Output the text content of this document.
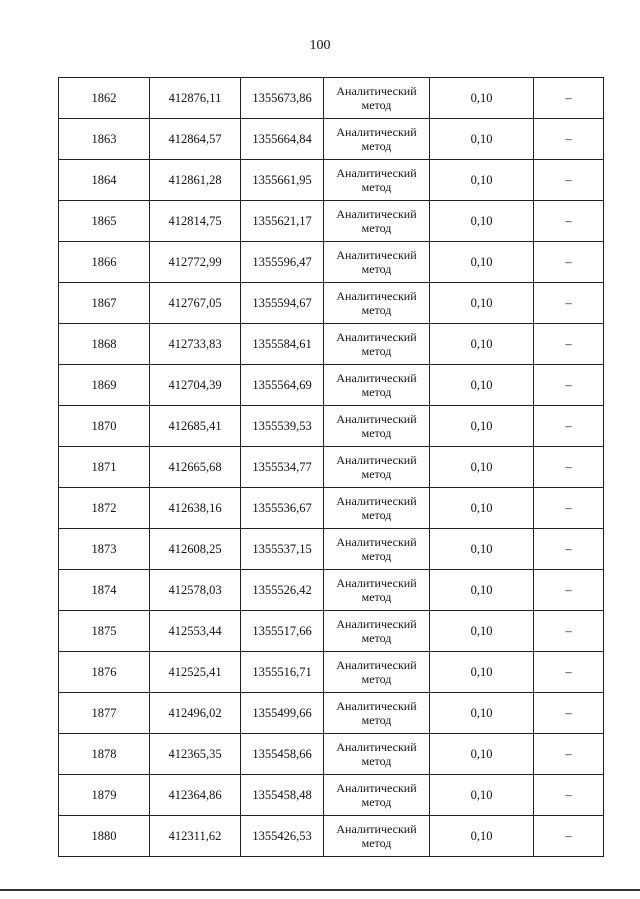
100
1862	412876,11	1355673,86	Аналитический метод	0,10	–
1863	412864,57	1355664,84	Аналитический метод	0,10	–
1864	412861,28	1355661,95	Аналитический метод	0,10	–
1865	412814,75	1355621,17	Аналитический метод	0,10	–
1866	412772,99	1355596,47	Аналитический метод	0,10	–
1867	412767,05	1355594,67	Аналитический метод	0,10	–
1868	412733,83	1355584,61	Аналитический метод	0,10	–
1869	412704,39	1355564,69	Аналитический метод	0,10	–
1870	412685,41	1355539,53	Аналитический метод	0,10	–
1871	412665,68	1355534,77	Аналитический метод	0,10	–
1872	412638,16	1355536,67	Аналитический метод	0,10	–
1873	412608,25	1355537,15	Аналитический метод	0,10	–
1874	412578,03	1355526,42	Аналитический метод	0,10	–
1875	412553,44	1355517,66	Аналитический метод	0,10	–
1876	412525,41	1355516,71	Аналитический метод	0,10	–
1877	412496,02	1355499,66	Аналитический метод	0,10	–
1878	412365,35	1355458,66	Аналитический метод	0,10	–
1879	412364,86	1355458,48	Аналитический метод	0,10	–
1880	412311,62	1355426,53	Аналитический метод	0,10	–
